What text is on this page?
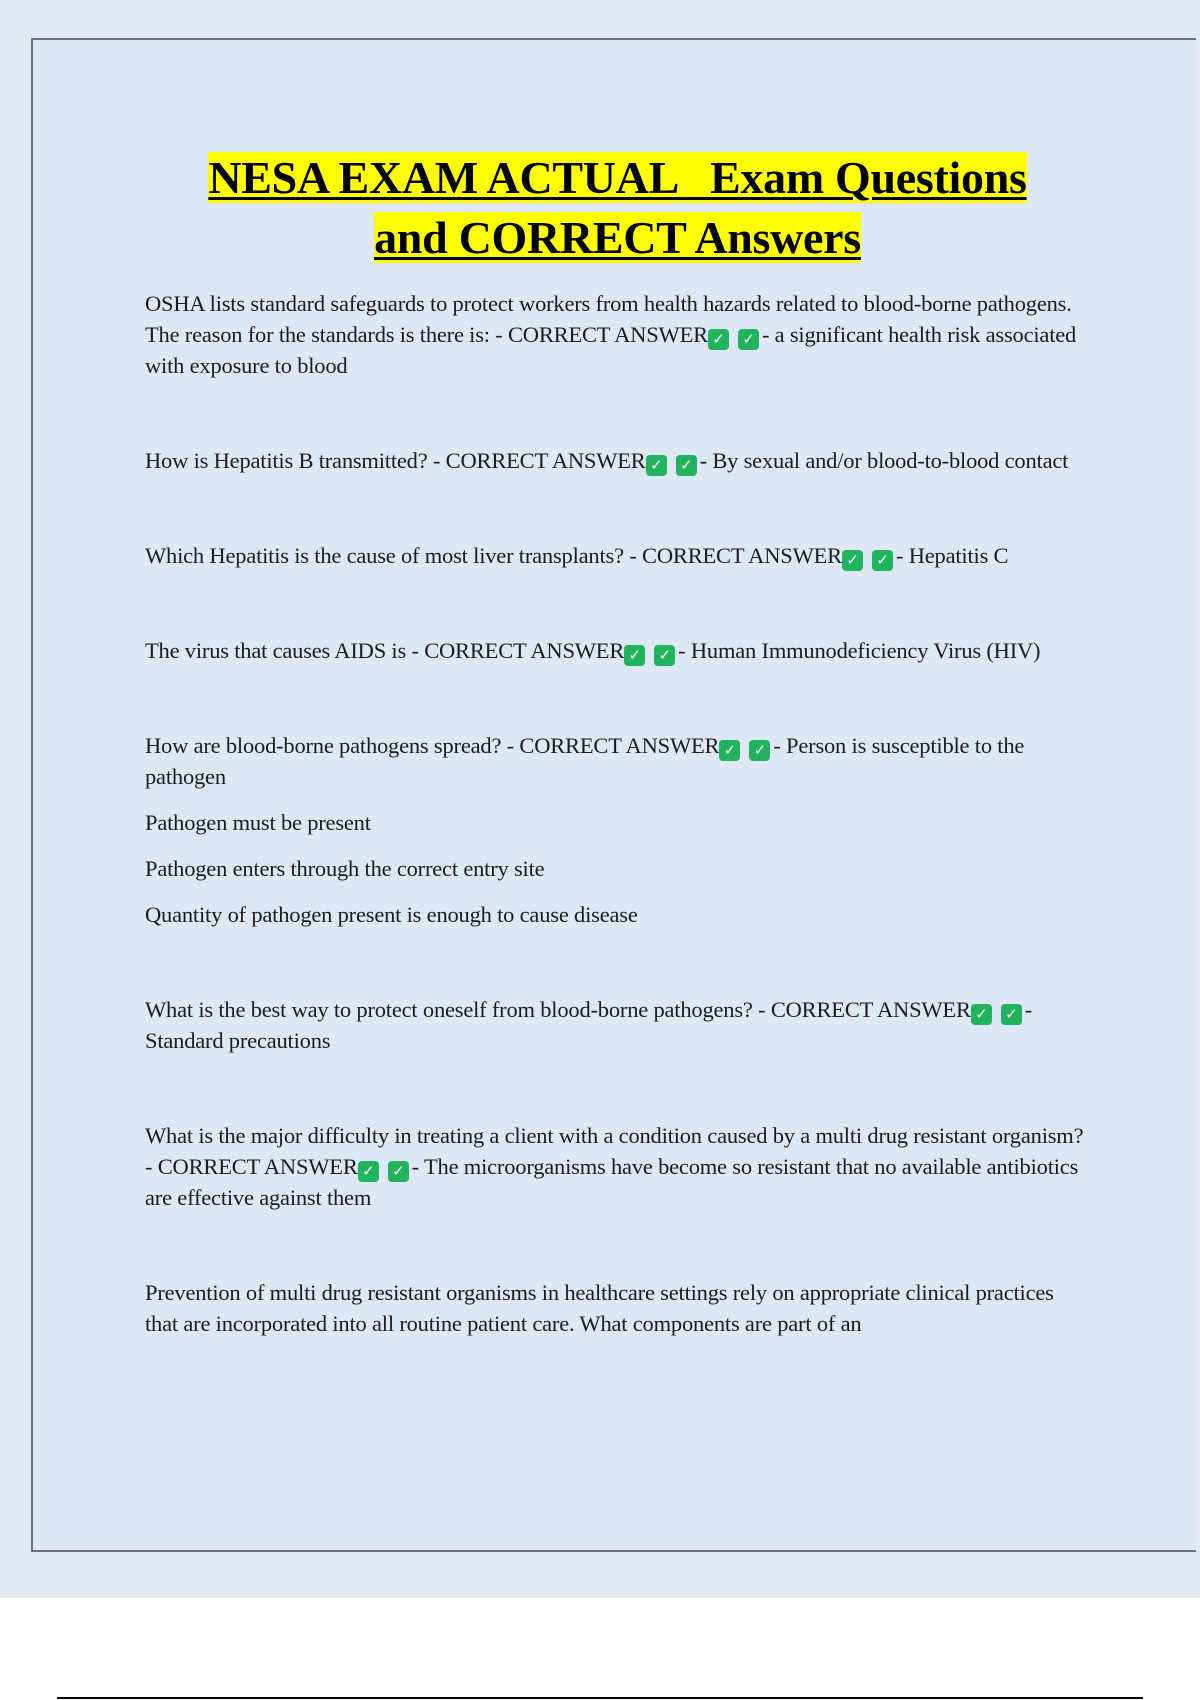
NESA EXAM ACTUAL   Exam Questions
and CORRECT Answers

OSHA lists standard safeguards to protect workers from health hazards related to blood-borne pathogens. The reason for the standards is there is: - CORRECT ANSWER ✓ ✓ - a significant health risk associated with exposure to blood

How is Hepatitis B transmitted? - CORRECT ANSWER ✓ ✓ - By sexual and/or blood-to-blood contact

Which Hepatitis is the cause of most liver transplants? - CORRECT ANSWER ✓ ✓ - Hepatitis C

The virus that causes AIDS is - CORRECT ANSWER ✓ ✓ - Human Immunodeficiency Virus (HIV)

How are blood-borne pathogens spread? - CORRECT ANSWER ✓ ✓ - Person is susceptible to the pathogen

Pathogen must be present

Pathogen enters through the correct entry site

Quantity of pathogen present is enough to cause disease

What is the best way to protect oneself from blood-borne pathogens? - CORRECT ANSWER ✓ ✓ - Standard precautions

What is the major difficulty in treating a client with a condition caused by a multi drug resistant organism? - CORRECT ANSWER ✓ ✓ - The microorganisms have become so resistant that no available antibiotics are effective against them

Prevention of multi drug resistant organisms in healthcare settings rely on appropriate clinical practices that are incorporated into all routine patient care. What components are part of an
